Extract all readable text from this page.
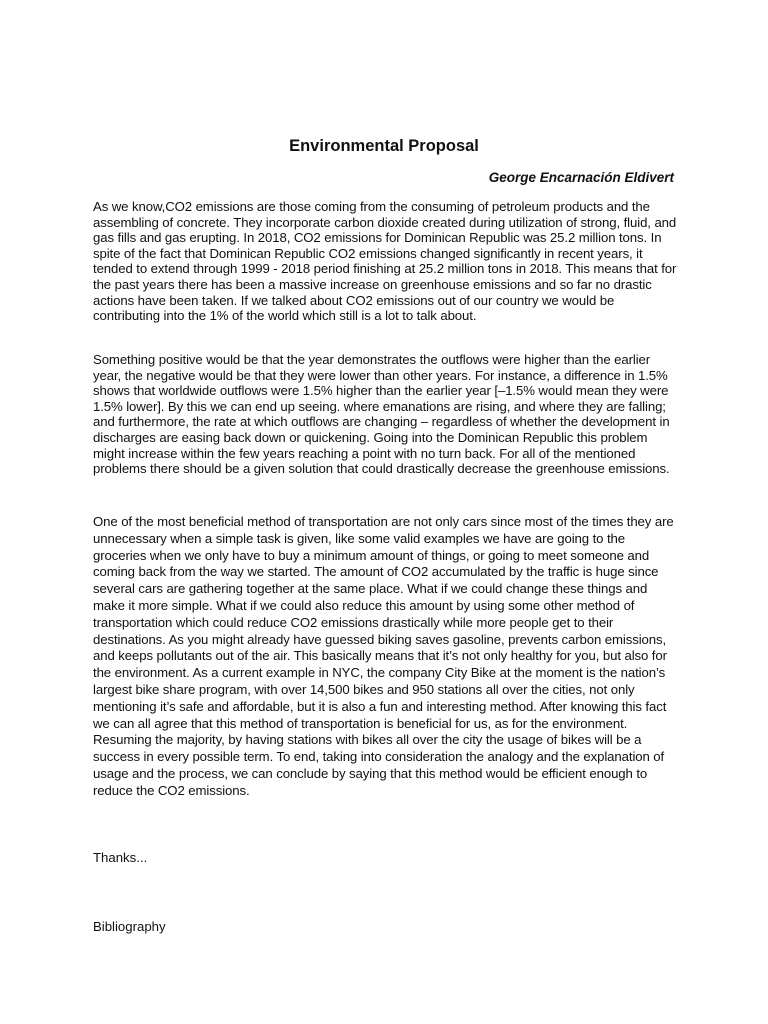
Environmental Proposal
George Encarnación Eldivert

As we know,CO2 emissions are those coming from the consuming of petroleum products and the assembling of concrete. They incorporate carbon dioxide created during utilization of strong, fluid, and gas fills and gas erupting. In 2018, CO2 emissions for Dominican Republic was 25.2 million tons. In spite of the fact that Dominican Republic CO2 emissions changed significantly in recent years, it tended to extend through 1999 - 2018 period finishing at 25.2 million tons in 2018. This means that for the past years there has been a massive increase on greenhouse emissions and so far no drastic actions have been taken. If we talked about CO2 emissions out of our country we would be contributing into the 1% of the world which still is a lot to talk about.

Something positive would be that the year demonstrates the outflows were higher than the earlier year, the negative would be that they were lower than other years. For instance, a difference in 1.5% shows that worldwide outflows were 1.5% higher than the earlier year [–1.5% would mean they were 1.5% lower]. By this we can end up seeing. where emanations are rising, and where they are falling; and furthermore, the rate at which outflows are changing – regardless of whether the development in discharges are easing back down or quickening. Going into the Dominican Republic this problem might increase within the few years reaching a point with no turn back. For all of the mentioned problems there should be a given solution that could drastically decrease the greenhouse emissions.

One of the most beneficial method of transportation are not only cars since most of the times they are unnecessary when a simple task is given, like some valid examples we have are going to the groceries when we only have to buy a minimum amount of things, or going to meet someone and coming back from the way we started. The amount of CO2 accumulated by the traffic is huge since several cars are gathering together at the same place. What if we could change these things and make it more simple. What if we could also reduce this amount by using some other method of transportation which could reduce CO2 emissions drastically while more people get to their destinations. As you might already have guessed biking saves gasoline, prevents carbon emissions, and keeps pollutants out of the air. This basically means that it’s not only healthy for you, but also for the environment. As a current example in NYC, the company City Bike at the moment is the nation’s largest bike share program, with over 14,500 bikes and 950 stations all over the cities, not only mentioning it’s safe and affordable, but it is also a fun and interesting method. After knowing this fact we can all agree that this method of transportation is beneficial for us, as for the environment. Resuming the majority, by having stations with bikes all over the city the usage of bikes will be a success in every possible term. To end, taking into consideration the analogy and the explanation of usage and the process, we can conclude by saying that this method would be efficient enough to reduce the CO2 emissions.

Thanks...
Bibliography
